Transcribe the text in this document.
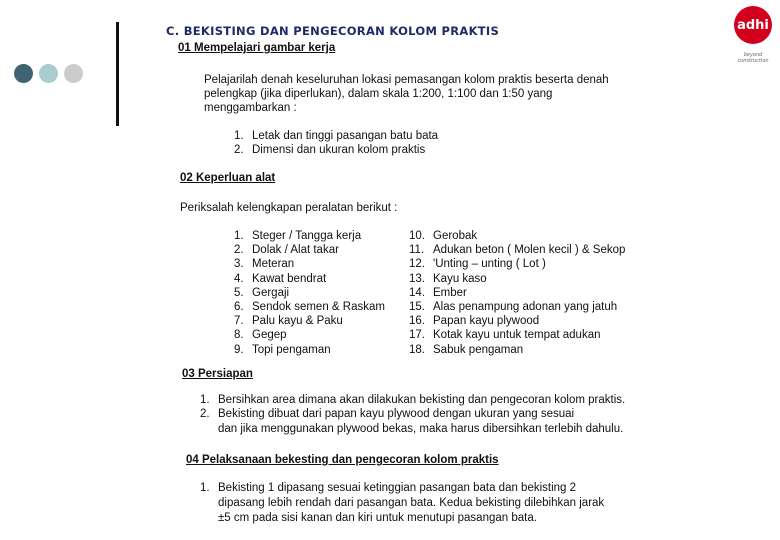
C. BEKISTING DAN PENGECORAN KOLOM PRAKTIS	adhi
beyond construction
01 Mempelajari gambar kerja
Pelajarilah denah keseluruhan lokasi pemasangan kolom praktis beserta denah
pelengkap (jika diperlukan), dalam skala 1:200, 1:100 dan 1:50 yang
menggambarkan :
1. Letak dan tinggi pasangan batu bata
2. Dimensi dan ukuran kolom praktis
02 Keperluan alat
Periksalah kelengkapan peralatan berikut :
1. Steger / Tangga kerja
2. Dolak / Alat takar
3. Meteran
4. Kawat bendrat
5. Gergaji
6. Sendok semen & Raskam
7. Palu kayu & Paku
8. Gegep
9. Topi pengaman
10. Gerobak
11. Adukan beton ( Molen kecil ) & Sekop
12. 'Unting – unting ( Lot )
13. Kayu kaso
14. Ember
15. Alas penampung adonan yang jatuh
16. Papan kayu plywood
17. Kotak kayu untuk tempat adukan
18. Sabuk pengaman
03 Persiapan
1. Bersihkan area dimana akan dilakukan bekisting dan pengecoran kolom praktis.
2. Bekisting dibuat dari papan kayu plywood dengan ukuran yang sesuai
dan jika menggunakan plywood bekas, maka harus dibersihkan terlebih dahulu.
04 Pelaksanaan bekesting dan pengecoran kolom praktis
1. Bekisting 1 dipasang sesuai ketinggian pasangan bata dan bekisting 2
dipasang lebih rendah dari pasangan bata. Kedua bekisting dilebihkan jarak
±5 cm pada sisi kanan dan kiri untuk menutupi pasangan bata.
